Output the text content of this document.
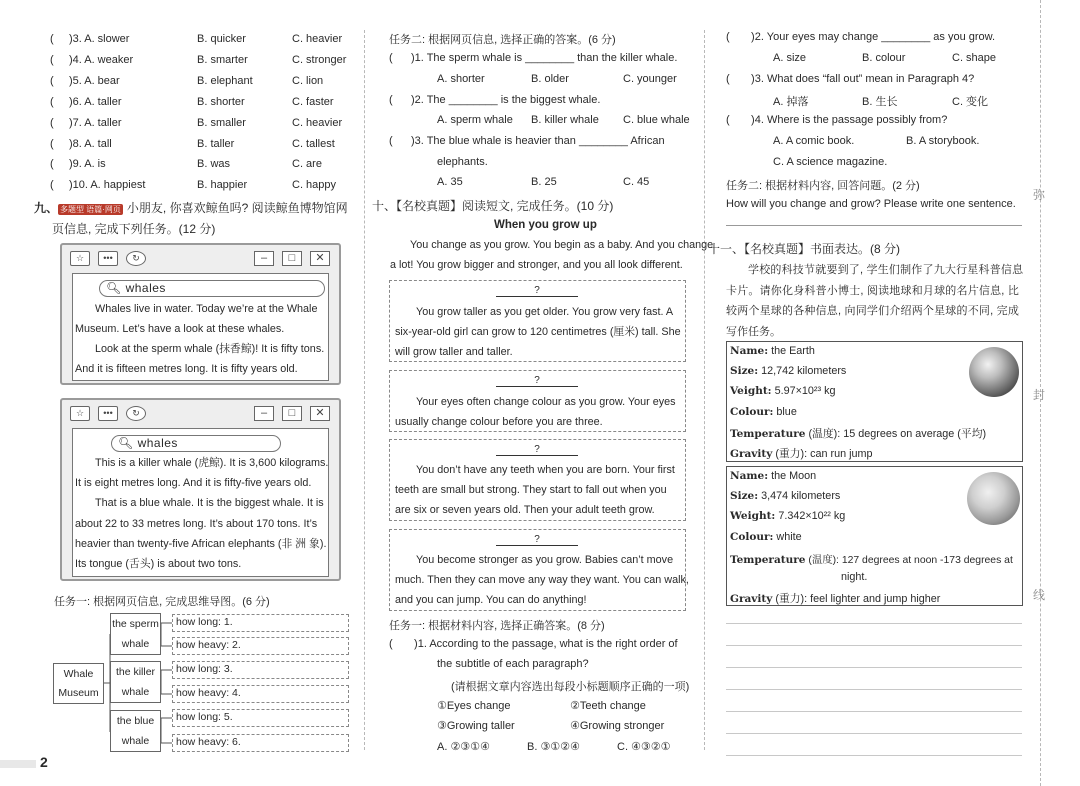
(     )3. A. slower	B. quicker	C. heavier
(     )4. A. weaker	B. smarter	C. stronger
(     )5. A. bear	B. elephant	C. lion
(     )6. A. taller	B. shorter	C. faster
(     )7. A. taller	B. smaller	C. heavier
(     )8. A. tall	B. taller	C. tallest
(     )9. A. is	B. was	C. are
(     )10. A. happiest	B. happier	C. happy
九、 多题型 语篇·网页 小朋友, 你喜欢鲸鱼吗? 阅读鲸鱼博物馆网
页信息, 完成下列任务。(12 分)
☆	•••	↻	–	□	✕
🔍︎ whales
Whales live in water. Today we’re at the Whale
Museum. Let’s have a look at these whales.
Look at the sperm whale (抹香鲸)! It is fifty tons.
And it is fifteen metres long. It is fifty years old.
☆	•••	↻	–	□	✕
🔍︎ whales
This is a killer whale (虎鲸). It is 3,600 kilograms.
It is eight metres long. And it is fifty-five years old.
That is a blue whale. It is the biggest whale. It is
about 22 to 33 metres long. It’s about 170 tons. It’s
heavier than twenty-five African elephants (非 洲 象).
Its tongue (舌头) is about two tons.
任务一: 根据网页信息, 完成思维导图。(6 分)
Whale
Museum
the sperm
whale
the killer
whale
the blue
whale
how long: 1.
how heavy: 2.
how long: 3.
how heavy: 4.
how long: 5.
how heavy: 6.
2
任务二: 根据网页信息, 选择正确的答案。(6 分)
(      )1. The sperm whale is ________ than the killer whale.
A. shorter	B. older	C. younger
(      )2. The ________ is the biggest whale.
A. sperm whale B. killer whale C. blue whale
(      )3. The blue whale is heavier than ________ African
elephants.
A. 35	B. 25	C. 45
十、【名校真题】阅读短文, 完成任务。(10 分)
When you grow up
You change as you grow. You begin as a baby. And you change
a lot! You grow bigger and stronger, and you all look different.
?
You grow taller as you get older. You grow very fast. A
six-year-old girl can grow to 120 centimetres (厘米) tall. She
will grow taller and taller.
?
Your eyes often change colour as you grow. Your eyes
usually change colour before you are three.
?
You don’t have any teeth when you are born. Your first
teeth are small but strong. They start to fall out when you
are six or seven years old. Then your adult teeth grow.
?
You become stronger as you grow. Babies can’t move
much. Then they can move any way they want. You can walk,
and you can jump. You can do anything!
任务一: 根据材料内容, 选择正确答案。(8 分)
(       )1. According to the passage, what is the right order of
the subtitle of each paragraph?
(请根据文章内容选出每段小标题顺序正确的一项)
①Eyes change	②Teeth change
③Growing taller	④Growing stronger
A. ②③①④	B. ③①②④	C. ④③②①
(       )2. Your eyes may change ________ as you grow.
A. size	B. colour	C. shape
(       )3. What does “fall out” mean in Paragraph 4?
A. 掉落	B. 生长	C. 变化
(       )4. Where is the passage possibly from?
A. A comic book.	B. A storybook.
C. A science magazine.
任务二: 根据材料内容, 回答问题。(2 分)
How will you change and grow? Please write one sentence.
十一、【名校真题】书面表达。(8 分)
学校的科技节就要到了, 学生们制作了九大行星科普信息
卡片。请你化身科普小博士, 阅读地球和月球的名片信息, 比
较两个星球的各种信息, 向同学们介绍两个星球的不同, 完成
写作任务。
Name: the Earth
Size: 12,742 kilometers
Veight: 5.97×10²³ kg
Colour: blue
Temperature (温度): 15 degrees on average (平均)
Gravity (重力): can run jump
Name: the Moon
Size: 3,474 kilometers
Weight: 7.342×10²² kg
Colour: white
Temperature (温度): 127 degrees at noon -173 degrees at
night.
Gravity (重力): feel lighter and jump higher
弥
封
线
